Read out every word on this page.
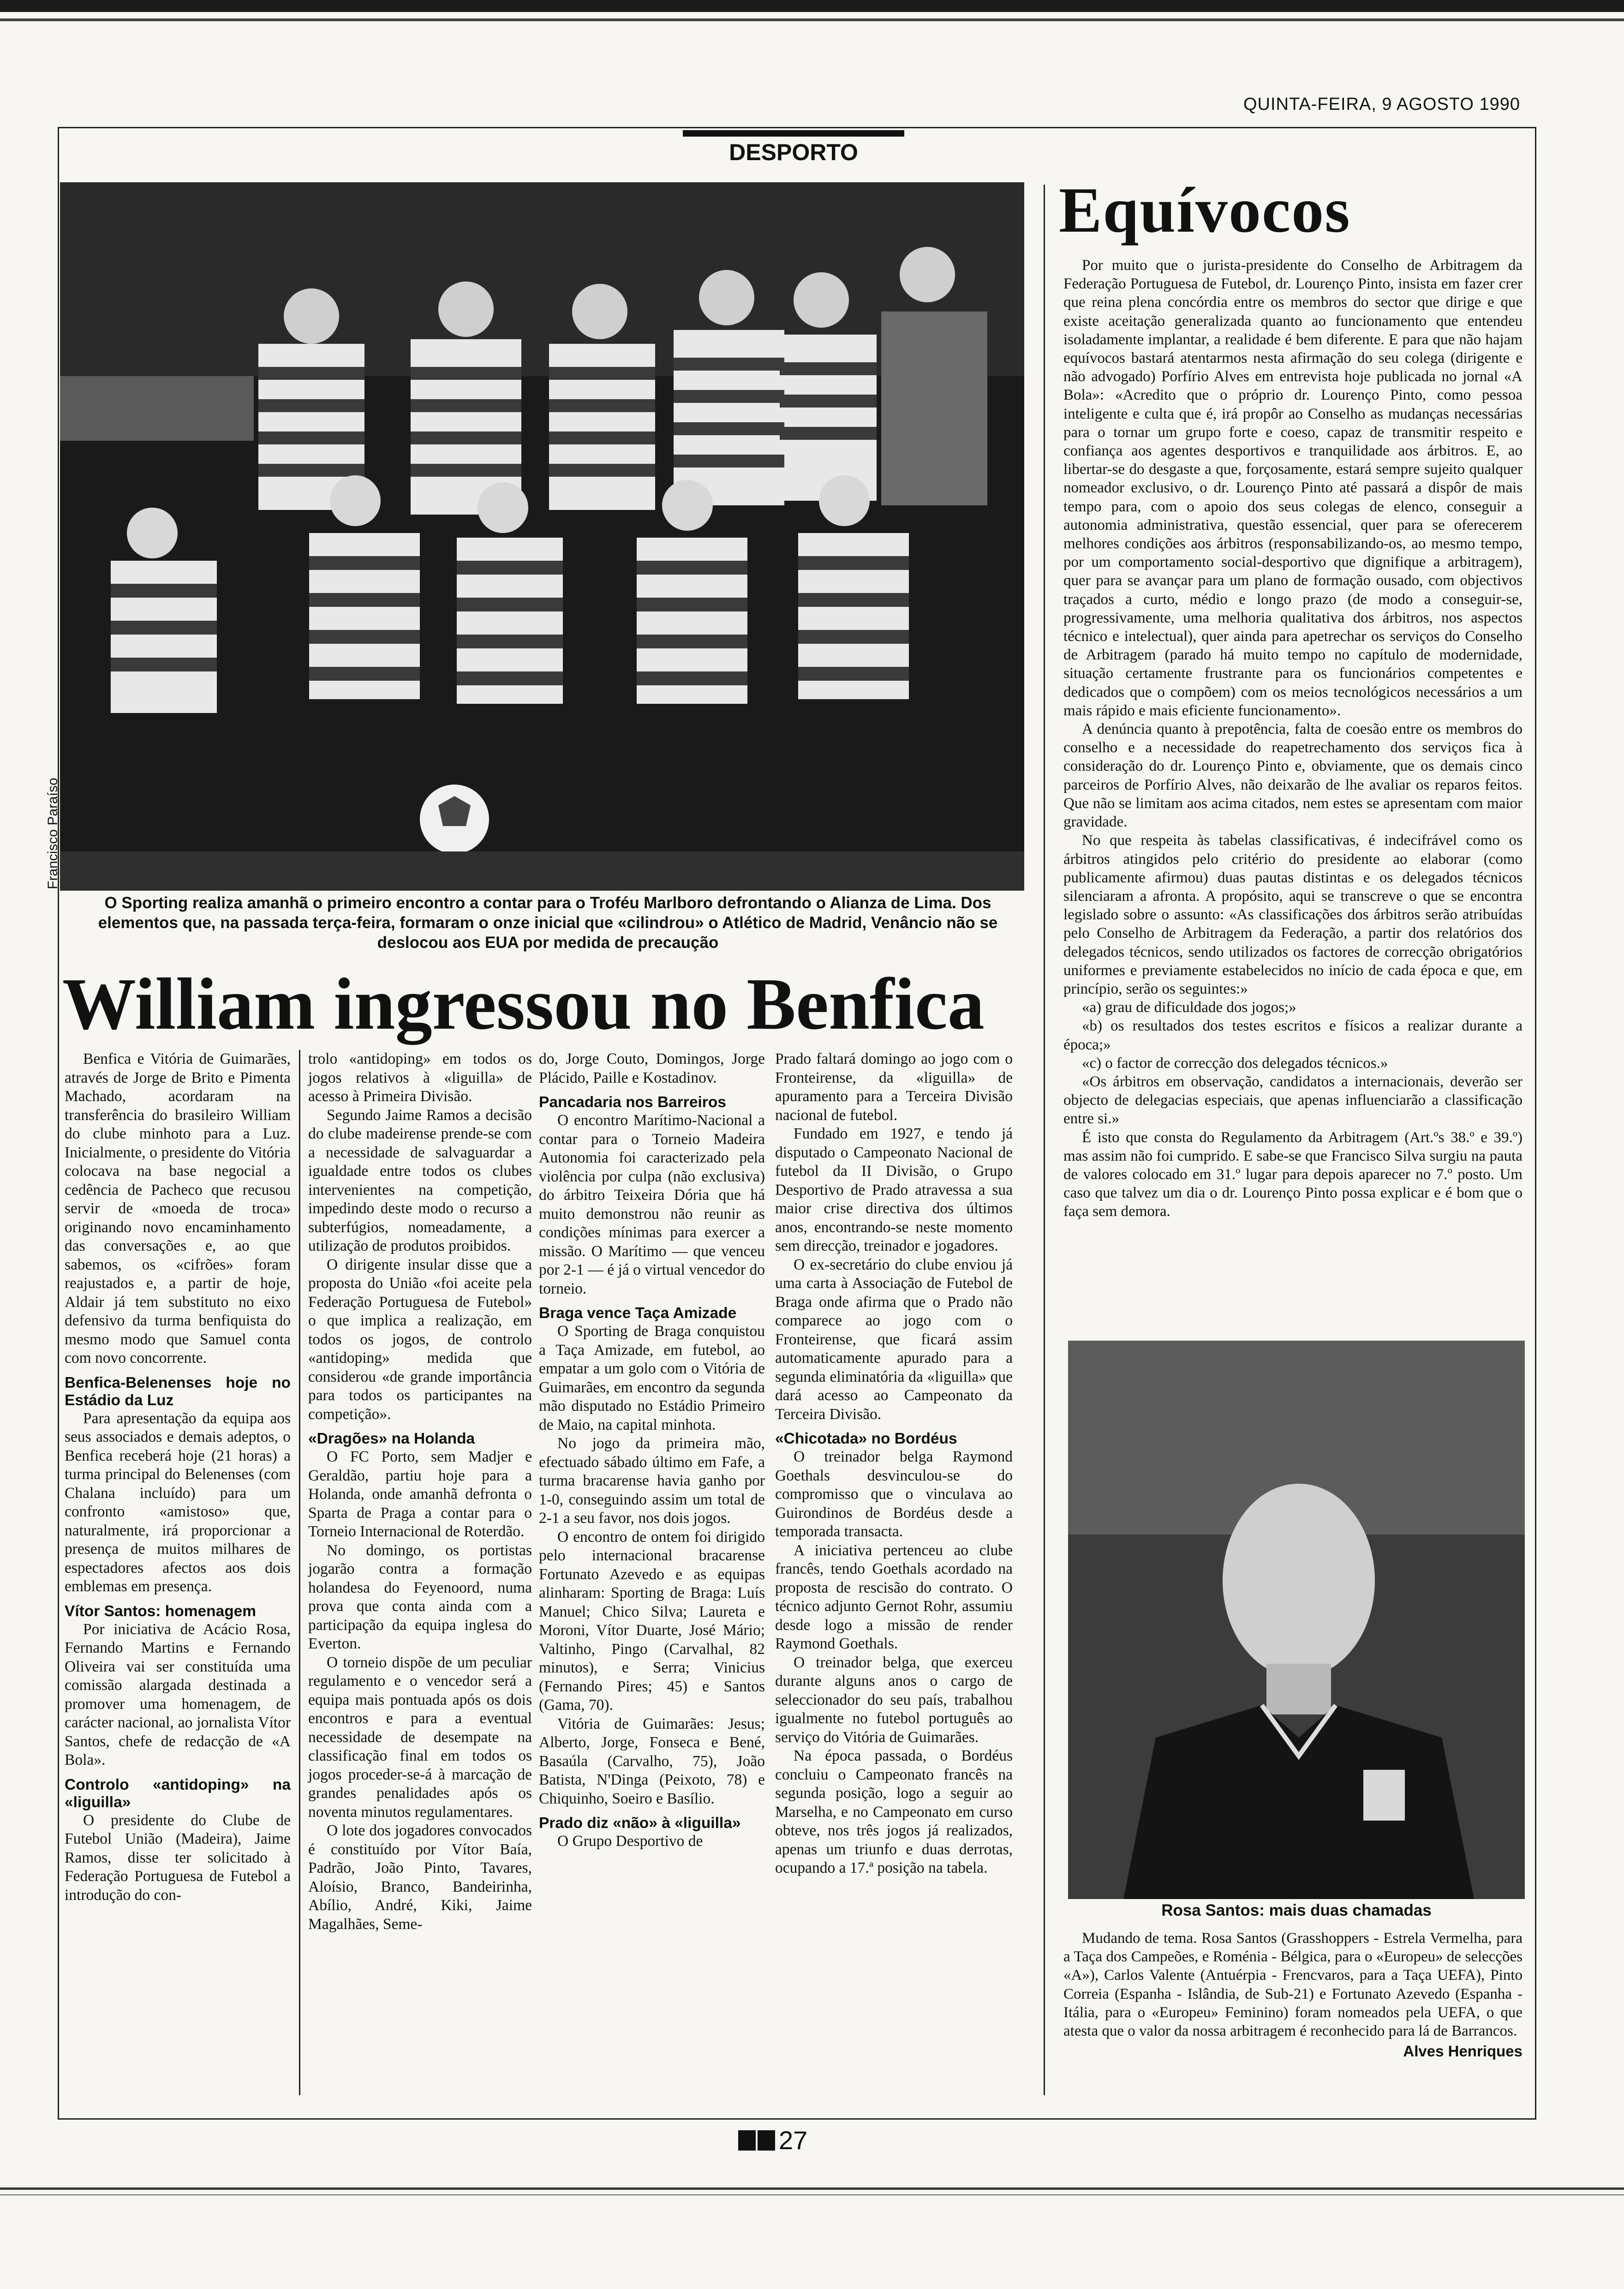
QUINTA-FEIRA, 9 AGOSTO 1990
DESPORTO
Francisco Paraíso
O Sporting realiza amanhã o primeiro encontro a contar para o Troféu Marlboro defrontando o Alianza de Lima. Dos elementos que, na passada terça-feira, formaram o onze inicial que «cilindrou» o Atlético de Madrid, Venâncio não se deslocou aos EUA por medida de precaução
William ingressou no Benfica

Benfica e Vitória de Guimarães, através de Jorge de Brito e Pimenta Machado, acordaram na transferência do brasileiro William do clube minhoto para a Luz. Inicialmente, o presidente do Vitória colocava na base negocial a cedência de Pacheco que recusou servir de «moeda de troca» originando novo encaminhamento das conversações e, ao que sabemos, os «cifrões» foram reajustados e, a partir de hoje, Aldair já tem substituto no eixo defensivo da turma benfiquista do mesmo modo que Samuel conta com novo concorrente.

Benfica-Belenenses hoje no Estádio da Luz

Para apresentação da equipa aos seus associados e demais adeptos, o Benfica receberá hoje (21 horas) a turma principal do Belenenses (com Chalana incluído) para um confronto «amistoso» que, naturalmente, irá proporcionar a presença de muitos milhares de espectadores afectos aos dois emblemas em presença.

Vítor Santos: homenagem

Por iniciativa de Acácio Rosa, Fernando Martins e Fernando Oliveira vai ser constituída uma comissão alargada destinada a promover uma homenagem, de carácter nacional, ao jornalista Vítor Santos, chefe de redacção de «A Bola».

Controlo «antidoping» na «liguilla»

O presidente do Clube de Futebol União (Madeira), Jaime Ramos, disse ter solicitado à Federação Portuguesa de Futebol a introdução do con-

trolo «antidoping» em todos os jogos relativos à «liguilla» de acesso à Primeira Divisão.

Segundo Jaime Ramos a decisão do clube madeirense prende-se com a necessidade de salvaguardar a igualdade entre todos os clubes intervenientes na competição, impedindo deste modo o recurso a subterfúgios, nomeadamente, a utilização de produtos proibidos.

O dirigente insular disse que a proposta do União «foi aceite pela Federação Portuguesa de Futebol» o que implica a realização, em todos os jogos, de controlo «antidoping» medida que considerou «de grande importância para todos os participantes na competição».

«Dragões» na Holanda

O FC Porto, sem Madjer e Geraldão, partiu hoje para a Holanda, onde amanhã defronta o Sparta de Praga a contar para o Torneio Internacional de Roterdão.

No domingo, os portistas jogarão contra a formação holandesa do Feyenoord, numa prova que conta ainda com a participação da equipa inglesa do Everton.

O torneio dispõe de um peculiar regulamento e o vencedor será a equipa mais pontuada após os dois encontros e para a eventual necessidade de desempate na classificação final em todos os jogos proceder-se-á à marcação de grandes penalidades após os noventa minutos regulamentares.

O lote dos jogadores convocados é constituído por Vítor Baía, Padrão, João Pinto, Tavares, Aloísio, Branco, Bandeirinha, Abílio, André, Kiki, Jaime Magalhães, Seme-

do, Jorge Couto, Domingos, Jorge Plácido, Paille e Kostadinov.

Pancadaria nos Barreiros

O encontro Marítimo-Nacional a contar para o Torneio Madeira Autonomia foi caracterizado pela violência por culpa (não exclusiva) do árbitro Teixeira Dória que há muito demonstrou não reunir as condições mínimas para exercer a missão. O Marítimo — que venceu por 2-1 — é já o virtual vencedor do torneio.

Braga vence Taça Amizade

O Sporting de Braga conquistou a Taça Amizade, em futebol, ao empatar a um golo com o Vitória de Guimarães, em encontro da segunda mão disputado no Estádio Primeiro de Maio, na capital minhota.

No jogo da primeira mão, efectuado sábado último em Fafe, a turma bracarense havia ganho por 1-0, conseguindo assim um total de 2-1 a seu favor, nos dois jogos.

O encontro de ontem foi dirigido pelo internacional bracarense Fortunato Azevedo e as equipas alinharam: Sporting de Braga: Luís Manuel; Chico Silva; Laureta e Moroni, Vítor Duarte, José Mário; Valtinho, Pingo (Carvalhal, 82 minutos), e Serra; Vinicius (Fernando Pires; 45) e Santos (Gama, 70).

Vitória de Guimarães: Jesus; Alberto, Jorge, Fonseca e Bené, Basaúla (Carvalho, 75), João Batista, N'Dinga (Peixoto, 78) e Chiquinho, Soeiro e Basílio.

Prado diz «não» à «liguilla»

O Grupo Desportivo de

Prado faltará domingo ao jogo com o Fronteirense, da «liguilla» de apuramento para a Terceira Divisão nacional de futebol.

Fundado em 1927, e tendo já disputado o Campeonato Nacional de futebol da II Divisão, o Grupo Desportivo de Prado atravessa a sua maior crise directiva dos últimos anos, encontrando-se neste momento sem direcção, treinador e jogadores.

O ex-secretário do clube enviou já uma carta à Associação de Futebol de Braga onde afirma que o Prado não comparece ao jogo com o Fronteirense, que ficará assim automaticamente apurado para a segunda eliminatória da «liguilla» que dará acesso ao Campeonato da Terceira Divisão.

«Chicotada» no Bordéus

O treinador belga Raymond Goethals desvinculou-se do compromisso que o vinculava ao Guirondinos de Bordéus desde a temporada transacta.

A iniciativa pertenceu ao clube francês, tendo Goethals acordado na proposta de rescisão do contrato. O técnico adjunto Gernot Rohr, assumiu desde logo a missão de render Raymond Goethals.

O treinador belga, que exerceu durante alguns anos o cargo de seleccionador do seu país, trabalhou igualmente no futebol português ao serviço do Vitória de Guimarães.

Na época passada, o Bordéus concluiu o Campeonato francês na segunda posição, logo a seguir ao Marselha, e no Campeonato em curso obteve, nos três jogos já realizados, apenas um triunfo e duas derrotas, ocupando a 17.ª posição na tabela.

Equívocos

Por muito que o jurista-presidente do Conselho de Arbitragem da Federação Portuguesa de Futebol, dr. Lourenço Pinto, insista em fazer crer que reina plena concórdia entre os membros do sector que dirige e que existe aceitação generalizada quanto ao funcionamento que entendeu isoladamente implantar, a realidade é bem diferente. E para que não hajam equívocos bastará atentarmos nesta afirmação do seu colega (dirigente e não advogado) Porfírio Alves em entrevista hoje publicada no jornal «A Bola»: «Acredito que o próprio dr. Lourenço Pinto, como pessoa inteligente e culta que é, irá propôr ao Conselho as mudanças necessárias para o tornar um grupo forte e coeso, capaz de transmitir respeito e confiança aos agentes desportivos e tranquilidade aos árbitros. E, ao libertar-se do desgaste a que, forçosamente, estará sempre sujeito qualquer nomeador exclusivo, o dr. Lourenço Pinto até passará a dispôr de mais tempo para, com o apoio dos seus colegas de elenco, conseguir a autonomia administrativa, questão essencial, quer para se oferecerem melhores condições aos árbitros (responsabilizando-os, ao mesmo tempo, por um comportamento social-desportivo que dignifique a arbitragem), quer para se avançar para um plano de formação ousado, com objectivos traçados a curto, médio e longo prazo (de modo a conseguir-se, progressivamente, uma melhoria qualitativa dos árbitros, nos aspectos técnico e intelectual), quer ainda para apetrechar os serviços do Conselho de Arbitragem (parado há muito tempo no capítulo de modernidade, situação certamente frustrante para os funcionários competentes e dedicados que o compõem) com os meios tecnológicos necessários a um mais rápido e mais eficiente funcionamento».

A denúncia quanto à prepotência, falta de coesão entre os membros do conselho e a necessidade do reapetrechamento dos serviços fica à consideração do dr. Lourenço Pinto e, obviamente, que os demais cinco parceiros de Porfírio Alves, não deixarão de lhe avaliar os reparos feitos. Que não se limitam aos acima citados, nem estes se apresentam com maior gravidade.

No que respeita às tabelas classificativas, é indecifrável como os árbitros atingidos pelo critério do presidente ao elaborar (como publicamente afirmou) duas pautas distintas e os delegados técnicos silenciaram a afronta. A propósito, aqui se transcreve o que se encontra legislado sobre o assunto: «As classificações dos árbitros serão atribuídas pelo Conselho de Arbitragem da Federação, a partir dos relatórios dos delegados técnicos, sendo utilizados os factores de correcção obrigatórios uniformes e previamente estabelecidos no início de cada época e que, em princípio, serão os seguintes:»

«a) grau de dificuldade dos jogos;»

«b) os resultados dos testes escritos e físicos a realizar durante a época;»

«c) o factor de correcção dos delegados técnicos.»

«Os árbitros em observação, candidatos a internacionais, deverão ser objecto de delegacias especiais, que apenas influenciarão a classificação entre si.»

É isto que consta do Regulamento da Arbitragem (Art.ºs 38.º e 39.º) mas assim não foi cumprido. E sabe-se que Francisco Silva surgiu na pauta de valores colocado em 31.º lugar para depois aparecer no 7.º posto. Um caso que talvez um dia o dr. Lourenço Pinto possa explicar e é bom que o faça sem demora.

Rosa Santos: mais duas chamadas

Mudando de tema. Rosa Santos (Grasshoppers - Estrela Vermelha, para a Taça dos Campeões, e Roménia - Bélgica, para o «Europeu» de selecções «A»), Carlos Valente (Antuérpia - Frencvaros, para a Taça UEFA), Pinto Correia (Espanha - Islândia, de Sub-21) e Fortunato Azevedo (Espanha - Itália, para o «Europeu» Feminino) foram nomeados pela UEFA, o que atesta que o valor da nossa arbitragem é reconhecido para lá de Barrancos.

Alves Henriques
27
